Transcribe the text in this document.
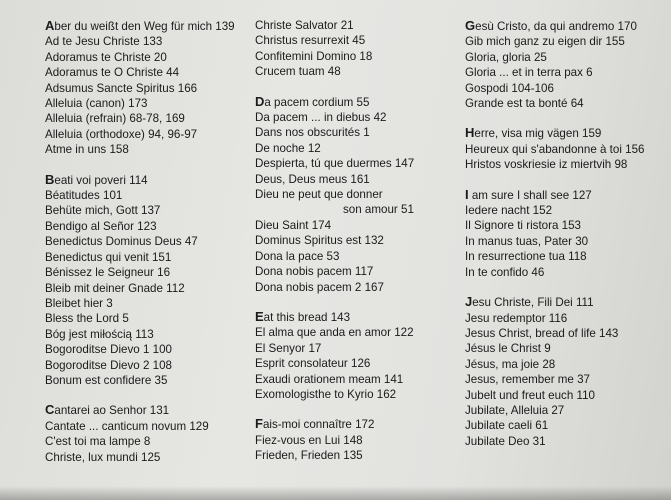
Aber du weißt den Weg für mich 139
Ad te Jesu Christe 133
Adoramus te Christe 20
Adoramus te O Christe 44
Adsumus Sancte Spiritus 166
Alleluia (canon) 173
Alleluia (refrain) 68-78, 169
Alleluia (orthodoxe) 94, 96-97
Atme in uns 158
Beati voi poveri 114
Béatitudes 101
Behüte mich, Gott 137
Bendigo al Señor 123
Benedictus Dominus Deus 47
Benedictus qui venit 151
Bénissez le Seigneur 16
Bleib mit deiner Gnade 112
Bleibet hier 3
Bless the Lord 5
Bóg jest miłością 113
Bogoroditse Dievo 1 100
Bogoroditse Dievo 2 108
Bonum est confidere 35
Cantarei ao Senhor 131
Cantate ... canticum novum 129
C'est toi ma lampe 8
Christe, lux mundi 125
Christe Salvator 21
Christus resurrexit 45
Confitemini Domino 18
Crucem tuam 48
Da pacem cordium 55
Da pacem ... in diebus 42
Dans nos obscurités 1
De noche 12
Despierta, tú que duermes 147
Deus, Deus meus 161
Dieu ne peut que donner
son amour 51
Dieu Saint 174
Dominus Spiritus est 132
Dona la pace 53
Dona nobis pacem 117
Dona nobis pacem 2 167
Eat this bread 143
El alma que anda en amor 122
El Senyor 17
Esprit consolateur 126
Exaudi orationem meam 141
Exomologisthe to Kyrio 162
Fais-moi connaître 172
Fiez-vous en Lui 148
Frieden, Frieden 135
Gesù Cristo, da qui andremo 170
Gib mich ganz zu eigen dir 155
Gloria, gloria 25
Gloria ... et in terra pax 6
Gospodi 104-106
Grande est ta bonté 64
Herre, visa mig vägen 159
Heureux qui s'abandonne à toi 156
Hristos voskriesie iz miertvih 98
I am sure I shall see 127
Iedere nacht 152
Il Signore ti ristora 153
In manus tuas, Pater 30
In resurrectione tua 118
In te confido 46
Jesu Christe, Fili Dei 111
Jesu redemptor 116
Jesus Christ, bread of life 143
Jésus le Christ 9
Jésus, ma joie 28
Jesus, remember me 37
Jubelt und freut euch 110
Jubilate, Alleluia 27
Jubilate caeli 61
Jubilate Deo 31
